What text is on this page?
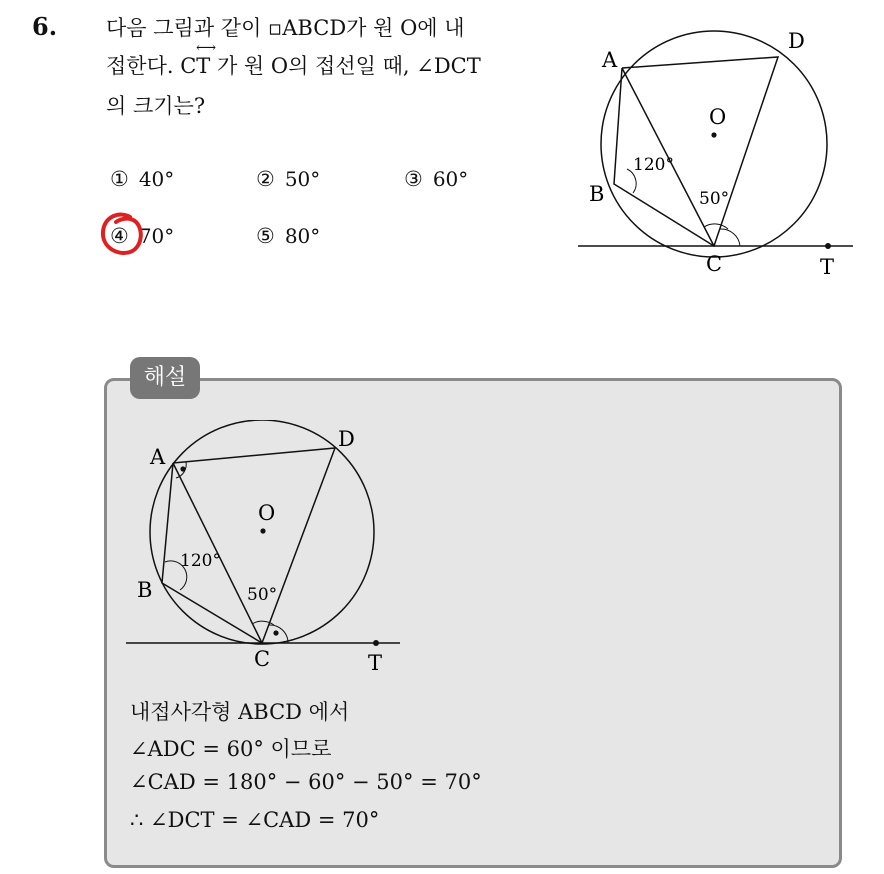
6. 다음 그림과 같이 ▫ABCD가 원 O에 내
⟷
접한다. CT 가 원 O의 접선일 때, ∠DCT
의 크기는?
① 40°	② 50°	③ 60°
④ 70°	⑤ 80°
A
D
O
B
C	T
120°
50°
해설
A
D
O
B
C	T
120°
50°
내접사각형 ABCD 에서
∠ADC = 60° 이므로
∠CAD = 180° − 60° − 50° = 70°
∴ ∠DCT = ∠CAD = 70°
